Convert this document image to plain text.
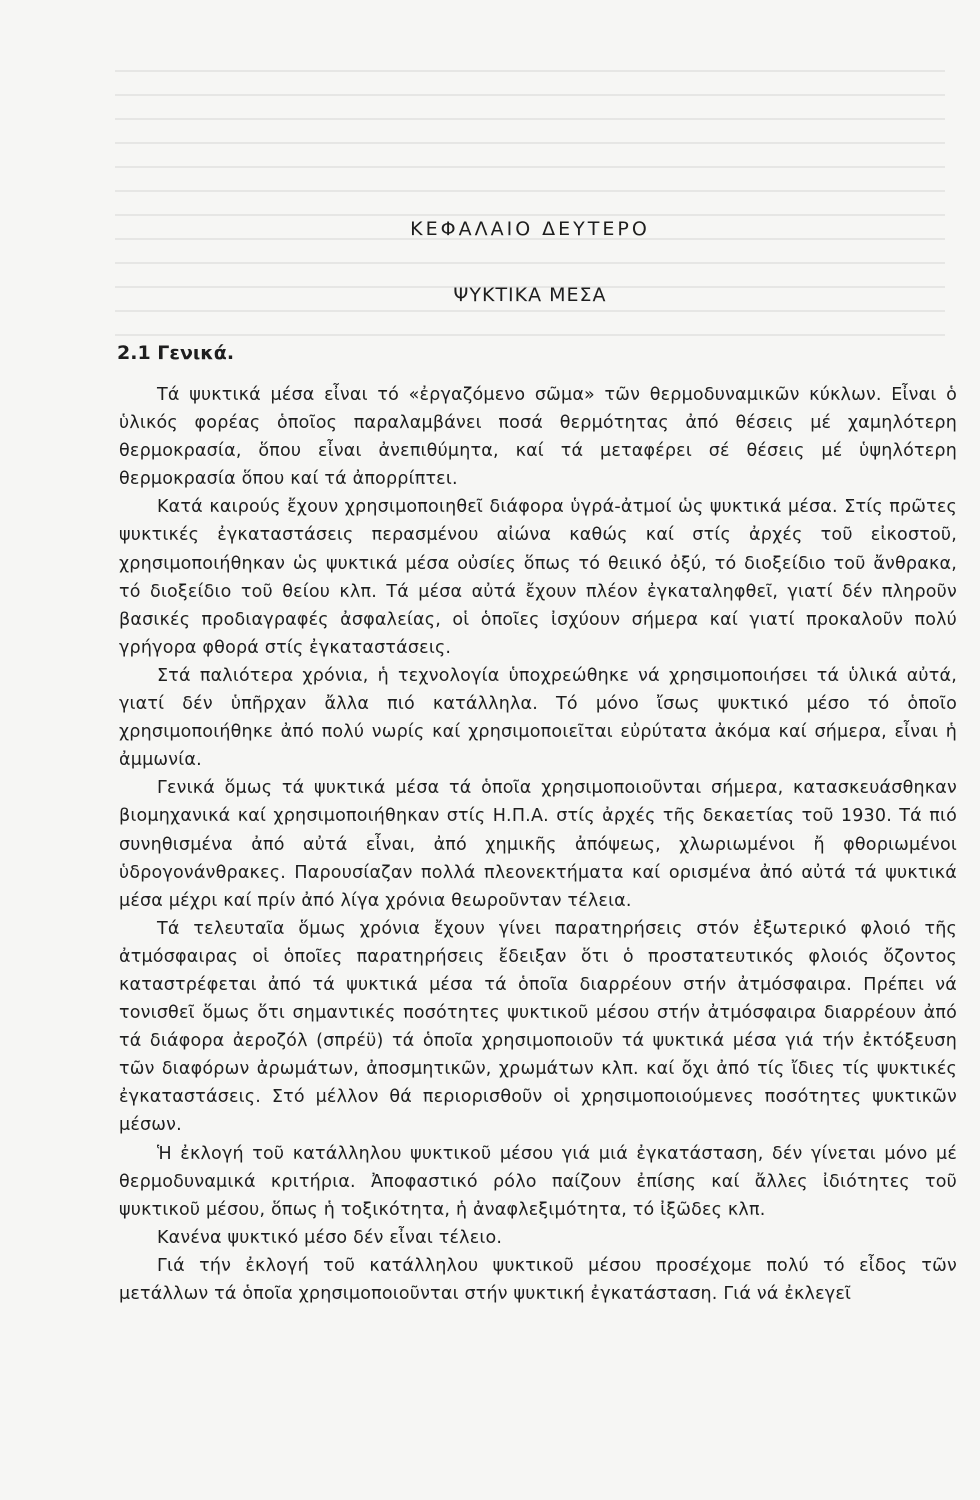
ΚΕΦΑΛΑΙΟ ΔΕΥΤΕΡΟ
ΨΥΚΤΙΚΑ ΜΕΣΑ
2.1 Γενικά.

Τά ψυκτικά μέσα εἶναι τό «ἐργαζόμενο σῶμα» τῶν θερμοδυναμικῶν κύκλων. Εἶναι ὁ ὑλικός φορέας ὁποῖος παραλαμβάνει ποσά θερμότητας ἀπό θέσεις μέ χαμηλότερη θερμοκρασία, ὅπου εἶναι ἀνεπιθύμητα, καί τά μεταφέρει σέ θέσεις μέ ὑψηλότερη θερμοκρασία ὅπου καί τά ἀπορρίπτει.

Κατά καιρούς ἔχουν χρησιμοποιηθεῖ διάφορα ὑγρά-ἀτμοί ὡς ψυκτικά μέσα. Στίς πρῶτες ψυκτικές ἐγκαταστάσεις περασμένου αἰώνα καθώς καί στίς ἀρχές τοῦ εἰκοστοῦ, χρησιμοποιήθηκαν ὡς ψυκτικά μέσα οὐσίες ὅπως τό θειικό ὀξύ, τό διοξείδιο τοῦ ἄνθρακα, τό διοξείδιο τοῦ θείου κλπ. Τά μέσα αὐτά ἔχουν πλέον ἐγκαταληφθεῖ, γιατί δέν πληροῦν βασικές προδιαγραφές ἀσφαλείας, οἱ ὁποῖες ἰσχύουν σήμερα καί γιατί προκαλοῦν πολύ γρήγορα φθορά στίς ἐγκαταστάσεις.

Στά παλιότερα χρόνια, ἡ τεχνολογία ὑποχρεώθηκε νά χρησιμοποιήσει τά ὑλικά αὐτά, γιατί δέν ὑπῆρχαν ἄλλα πιό κατάλληλα. Τό μόνο ἴσως ψυκτικό μέσο τό ὁποῖο χρησιμοποιήθηκε ἀπό πολύ νωρίς καί χρησιμοποιεῖται εὐρύτατα ἀκόμα καί σήμερα, εἶναι ἡ ἀμμωνία.

Γενικά ὅμως τά ψυκτικά μέσα τά ὁποῖα χρησιμοποιοῦνται σήμερα, κατασκευάσθηκαν βιομηχανικά καί χρησιμοποιήθηκαν στίς Η.Π.Α. στίς ἀρχές τῆς δεκαετίας τοῦ 1930. Τά πιό συνηθισμένα ἀπό αὐτά εἶναι, ἀπό χημικῆς ἀπόψεως, χλωριωμένοι ἤ φθοριωμένοι ὑδρογονάνθρακες. Παρουσίαζαν πολλά πλεονεκτήματα καί ορισμένα ἀπό αὐτά τά ψυκτικά μέσα μέχρι καί πρίν ἀπό λίγα χρόνια θεωροῦνταν τέλεια.

Τά τελευταῖα ὅμως χρόνια ἔχουν γίνει παρατηρήσεις στόν ἐξωτερικό φλοιό τῆς ἀτμόσφαιρας οἱ ὁποῖες παρατηρήσεις ἔδειξαν ὅτι ὁ προστατευτικός φλοιός ὄζοντος καταστρέφεται ἀπό τά ψυκτικά μέσα τά ὁποῖα διαρρέουν στήν ἀτμόσφαιρα. Πρέπει νά τονισθεῖ ὅμως ὅτι σημαντικές ποσότητες ψυκτικοῦ μέσου στήν ἀτμόσφαιρα διαρρέουν ἀπό τά διάφορα ἀεροζόλ (σπρέϋ) τά ὁποῖα χρησιμοποιοῦν τά ψυκτικά μέσα γιά τήν ἐκτόξευση τῶν διαφόρων ἀρωμάτων, ἀποσμητικῶν, χρωμάτων κλπ. καί ὄχι ἀπό τίς ἴδιες τίς ψυκτικές ἐγκαταστάσεις. Στό μέλλον θά περιορισθοῦν οἱ χρησιμοποιούμενες ποσότητες ψυκτικῶν μέσων.

Ἡ ἐκλογή τοῦ κατάλληλου ψυκτικοῦ μέσου γιά μιά ἐγκατάσταση, δέν γίνεται μόνο μέ θερμοδυναμικά κριτήρια. Ἀποφαστικό ρόλο παίζουν ἐπίσης καί ἄλλες ἰδιότητες τοῦ ψυκτικοῦ μέσου, ὅπως ἡ τοξικότητα, ἡ ἀναφλεξιμότητα, τό ἰξῶδες κλπ.

Κανένα ψυκτικό μέσο δέν εἶναι τέλειο.

Γιά τήν ἐκλογή τοῦ κατάλληλου ψυκτικοῦ μέσου προσέχομε πολύ τό εἶδος τῶν μετάλλων τά ὁποῖα χρησιμοποιοῦνται στήν ψυκτική ἐγκατάσταση. Γιά νά ἐκλεγεῖ
